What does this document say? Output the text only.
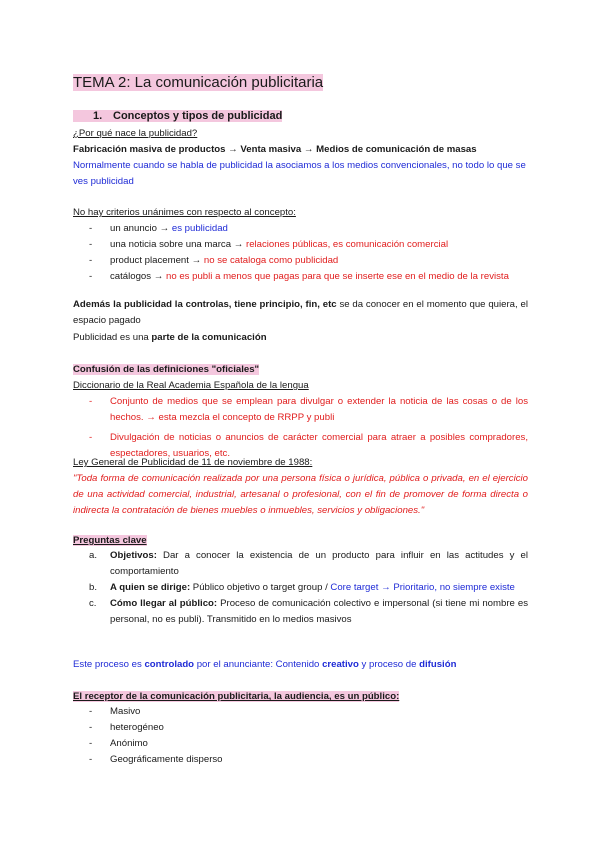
TEMA 2: La comunicación publicitaria
1. Conceptos y tipos de publicidad
¿Por qué nace la publicidad?
Fabricación masiva de productos → Venta masiva → Medios de comunicación de masas
Normalmente cuando se habla de publicidad la asociamos a los medios convencionales, no todo lo que se ves publicidad
No hay criterios unánimes con respecto al concepto:
- un anuncio → es publicidad
- una noticia sobre una marca → relaciones públicas, es comunicación comercial
- product placement → no se cataloga como publicidad
- catálogos → no es publi a menos que pagas para que se inserte ese en el medio de la revista
Además la publicidad la controlas, tiene principio, fin, etc se da conocer en el momento que quiera, el espacio pagado
Publicidad es una parte de la comunicación
Confusión de las definiciones "oficiales"
Diccionario de la Real Academia Española de la lengua
- Conjunto de medios que se emplean para divulgar o extender la noticia de las cosas o de los hechos. → esta mezcla el concepto de RRPP y publi
- Divulgación de noticias o anuncios de carácter comercial para atraer a posibles compradores, espectadores, usuarios, etc.
Ley General de Publicidad de 11 de noviembre de 1988:
"Toda forma de comunicación realizada por una persona física o jurídica, pública o privada, en el ejercicio de una actividad comercial, industrial, artesanal o profesional, con el fin de promover de forma directa o indirecta la contratación de bienes muebles o inmuebles, servicios y obligaciones."
Preguntas clave
a. Objetivos: Dar a conocer la existencia de un producto para influir en las actitudes y el comportamiento
b. A quien se dirige: Público objetivo o target group / Core target → Prioritario, no siempre existe
c. Cómo llegar al público: Proceso de comunicación colectivo e impersonal (si tiene mi nombre es personal, no es publi). Transmitido en lo medios masivos
Este proceso es controlado por el anunciante: Contenido creativo y proceso de difusión
El receptor de la comunicación publicitaria, la audiencia, es un público:
- Masivo
- heterogéneo
- Anónimo
- Geográficamente disperso
